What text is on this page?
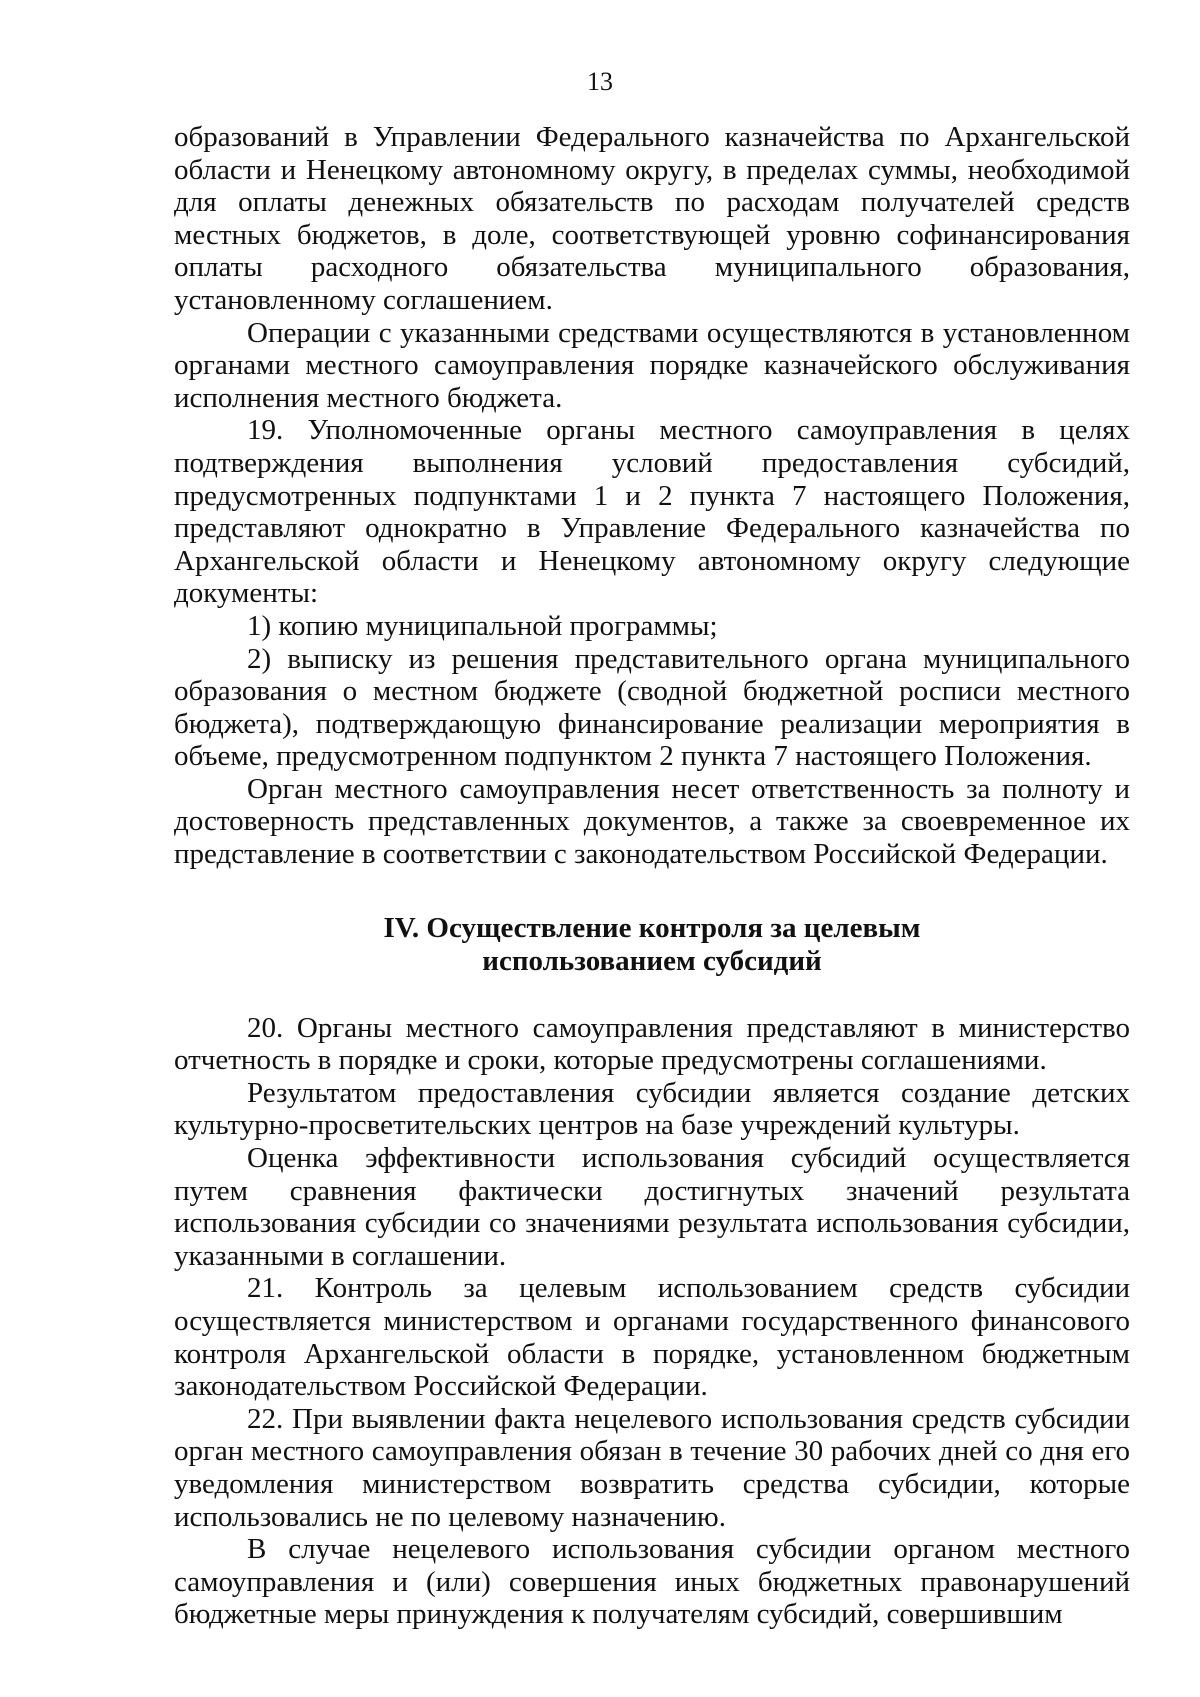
13

образований в Управлении Федерального казначейства по Архангельской области и Ненецкому автономному округу, в пределах суммы, необходимой для оплаты денежных обязательств по расходам получателей средств местных бюджетов, в доле, соответствующей уровню софинансирования оплаты расходного обязательства муниципального образования, установленному соглашением.

Операции с указанными средствами осуществляются в установленном органами местного самоуправления порядке казначейского обслуживания исполнения местного бюджета.

19. Уполномоченные органы местного самоуправления в целях подтверждения выполнения условий предоставления субсидий, предусмотренных подпунктами 1 и 2 пункта 7 настоящего Положения, представляют однократно в Управление Федерального казначейства по Архангельской области и Ненецкому автономному округу следующие документы:

1) копию муниципальной программы;

2) выписку из решения представительного органа муниципального образования о местном бюджете (сводной бюджетной росписи местного бюджета), подтверждающую финансирование реализации мероприятия в объеме, предусмотренном подпунктом 2 пункта 7 настоящего Положения.

Орган местного самоуправления несет ответственность за полноту и достоверность представленных документов, а также за своевременное их представление в соответствии с законодательством Российской Федерации.

IV. Осуществление контроля за целевым
использованием субсидий

20. Органы местного самоуправления представляют в министерство отчетность в порядке и сроки, которые предусмотрены соглашениями.

Результатом предоставления субсидии является создание детских культурно-просветительских центров на базе учреждений культуры.

Оценка эффективности использования субсидий осуществляется путем сравнения фактически достигнутых значений результата использования субсидии со значениями результата использования субсидии, указанными в соглашении.

21. Контроль за целевым использованием средств субсидии осуществляется министерством и органами государственного финансового контроля Архангельской области в порядке, установленном бюджетным законодательством Российской Федерации.

22. При выявлении факта нецелевого использования средств субсидии орган местного самоуправления обязан в течение 30 рабочих дней со дня его уведомления министерством возвратить средства субсидии, которые использовались не по целевому назначению.

В случае нецелевого использования субсидии органом местного самоуправления и (или) совершения иных бюджетных правонарушений бюджетные меры принуждения к получателям субсидий, совершившим
